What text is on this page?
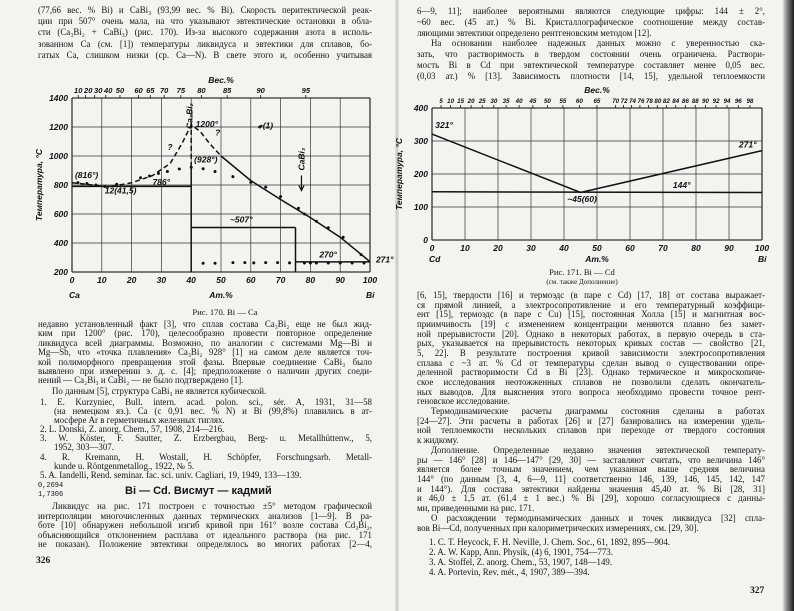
(77,66 вес. % Bi) и CaBi₃ (93,99 вес. % Bi). Скорость перитектической реак-
ции при 507° очень мала, на что указывают эвтектические остановки в обла-
сти (Ca₃Bi₂ + CaBi₃) (рис. 170). Из-за высокого содержания азота в исполь-
зованном Ca (см. [1]) температуры ликвидуса и эвтектики для сплавов, бо-
гатых Ca, слишком низки (ср. Ca—N). В свете этого и, особенно учитывая
Рис. 170. Bi — Ca
недавно установленный факт [3], что сплав состава Ca₃Bi₂ еще не был жид-
ким при 1200° (рис. 170), целесообразно провести повторное определение
ликвидуса всей диаграммы. Возможно, по аналогии с системами Mg—Bi и
Mg—Sb, что «точка плавления» Ca₃Bi₂ 928° [1] на самом деле является точ-
кой полиморфного превращения этой фазы. Впервые соединение CaBi₃ было
выявлено при измерении э. д. с. [4]; предположение о наличии других соеди-
нений — Ca₂Bi₃ и CaBi₂ — не было подтверждено [1].
По данным [5], структура CaBi₃ не является кубической.
1. E. Kurzyniec, Bull. intern. acad. polon. sci., sér. A, 1931, 31—58
(на немецком яз.). Ca (с 0,91 вес. % N) и Bi (99,8%) плавились в ат-
мосфере Ar в герметичных железных тиглях.
2. L. Donski, Z. anorg. Chem., 57, 1908, 214—216.
3. W. Köster, F. Sautter, Z. Erzbergbau, Berg- u. Metallhüttenw., 5,
1952, 303—307.
4. R. Kremann, H. Wostall, H. Schöpfer, Forschungsarb. Metall-
kunde u. Röntgenmetallog., 1922, № 5.
5. A. Iandelli, Rend. seminar. fac. sci. univ. Cagliari, 19, 1949, 133—139.
0,2694
1,7306	Bi — Cd. Висмут — кадмий
Ликвидус на рис. 171 построен с точностью ±5° методом графической
интерполяции многочисленных данных термических анализов [1—9]. В ра-
боте [10] обнаружен небольшой изгиб кривой при 161° возле состава Cd₃Bi₂,
объясняющийся отклонением расплава от идеального раствора (на рис. 171
не показан). Положение эвтектики определялось во многих работах [2—4,
326
6—9, 11]; наиболее вероятными являются следующие цифры: 144 ± 2°,
~60 вес. (45 ат.) % Bi. Кристаллографическое соотношение между состав-
ляющими эвтектики определено рентгеновским методом [12].
На основании наиболее надежных данных можно с уверенностью ска-
зать, что растворимость в твердом состоянии очень ограничена. Раствори-
мость Bi в Cd при эвтектической температуре составляет менее 0,05 вес.
(0,03 ат.) % [13]. Зависимость плотности [14, 15], удельной теплоемкости
Рис. 171. Bi — Cd
(см. также Дополнение)
[6, 15], твердости [16] и термоэдс (в паре с Cd) [17, 18] от состава выражает-
ся прямой линией, а электросопротивление и его температурный коэффици-
ент [15], термоэдс (в паре с Cu) [15], постоянная Холла [15] и магнитная вос-
приимчивость [19] с изменением концентрации меняются плавно без замет-
ной прерывистости [20]. Однако в некоторых работах, в первую очередь в ста-
рых, указывается на прерывистость некоторых кривых состав — свойство [21,
5, 22]. В результате построения кривой зависимости электросопротивления
сплава с ~3 ат. % Cd от температуры сделан вывод о существовании опре-
деленной растворимости Cd в Bi [23]. Однако термическое и микроскопиче-
ское исследования неотожженных сплавов не позволили сделать окончатель-
ных выводов. Для выяснения этого вопроса необходимо провести точное рент-
геновское исследование.
Термодинамические расчеты диаграммы состояния сделаны в работах
[24—27]. Эти расчеты в работах [26] и [27] базировались на измерении удель-
ной теплоемкости нескольких сплавов при переходе от твердого состояния
к жидкому.
Дополнение. Определенные недавно значения эвтектической температу-
ры — 146° [28] и 146—147° [29, 30] — заставляют считать, что величина 146°
является более точным значением, чем указанная выше средняя величина
144° (по данным [3, 4, 6—9, 11] соответственно 146, 139, 146, 145, 142, 147
и 144°). Для состава эвтектики найдены значения 45,40 ат. % Bi [28, 31]
и 46,0 ± 1,5 ат. (61,4 ± 1 вес.) % Bi [29], хорошо согласующиеся с данны-
ми, приведенными на рис. 171.
О расхождении термодинамических данных и точек ликвидуса [32] спла-
вов Bi—Cd, полученных при калориметрических измерениях, см. [29, 30].
1. C. T. Heycock, F. H. Neville, J. Chem. Soc., 61, 1892, 895—904.
2. A. W. Kapp, Ann. Physik, (4) 6, 1901, 754—773.
3. A. Stoffel, Z. anorg. Chem., 53, 1907, 148—149.
4. A. Portevin, Rev. mét., 4, 1907, 389—394.
327
0	10 20 30 40 50 60 70 80 90 100
200
400
600
800
1000
1200
1400
10 20 30 40 50 60 65 70 75 80 85	90	95
Вес.%
Ат.%
Ca	Bi
Температура, °C	(816°)
786°
12(41,5)
1200°
?
?
(928°)
•(1)
~507°
270°
271°
Ca₃Bi₂
CaBi₃
0	10	20	30	40	50	60	70	80	90 100
0
100
200
300
400
5 10 15 20 25 30 35 40 45 50 55 60 65 70 72 74 76 78 80 82 84 86 88 90 92 94 96 98
Вес.%
Ат.%
Cd	Bi
Температура, °C
321°
271°
144°
~45(60)
